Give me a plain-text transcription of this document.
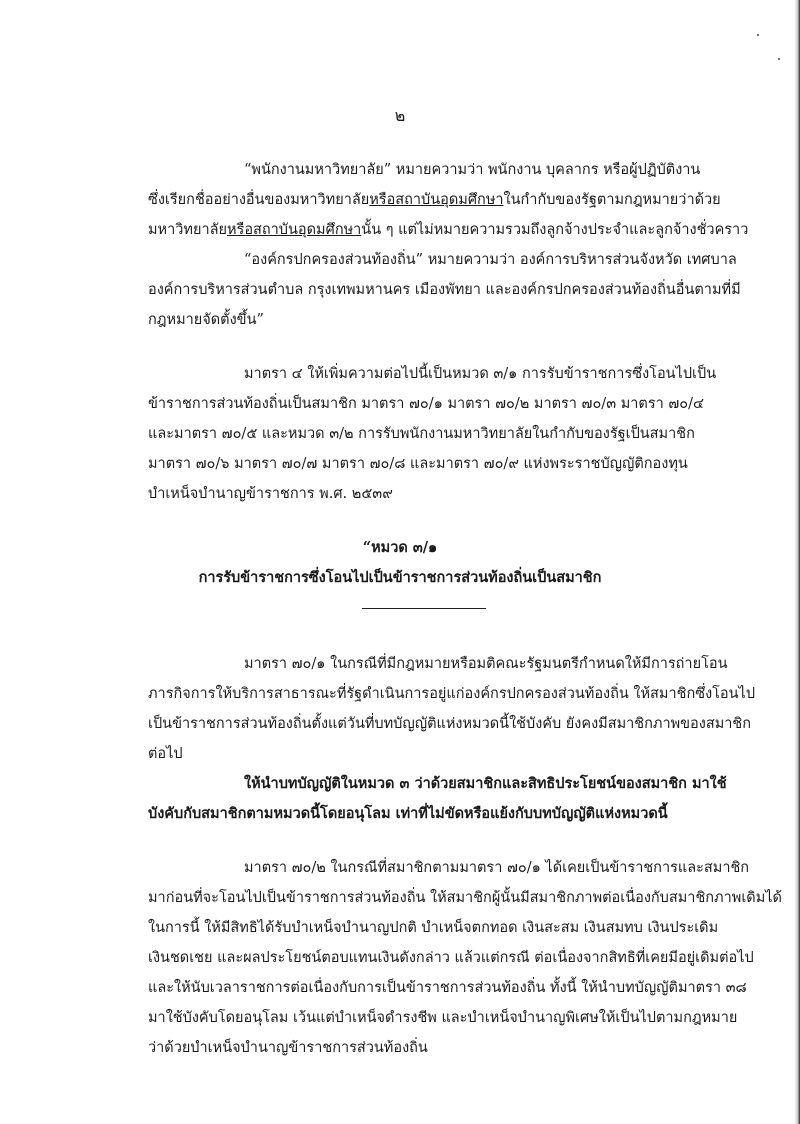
๒
“พนักงานมหาวิทยาลัย” หมายความว่า พนักงาน บุคลากร หรือผู้ปฏิบัติงาน
ซึ่งเรียกชื่ออย่างอื่นของมหาวิทยาลัยหรือสถาบันอุดมศึกษาในกำกับของรัฐตามกฎหมายว่าด้วย
มหาวิทยาลัยหรือสถาบันอุดมศึกษานั้น ๆ แต่ไม่หมายความรวมถึงลูกจ้างประจำและลูกจ้างชั่วคราว
“องค์กรปกครองส่วนท้องถิ่น” หมายความว่า องค์การบริหารส่วนจังหวัด เทศบาล
องค์การบริหารส่วนตำบล กรุงเทพมหานคร เมืองพัทยา และองค์กรปกครองส่วนท้องถิ่นอื่นตามที่มี
กฎหมายจัดตั้งขึ้น”
มาตรา ๔ ให้เพิ่มความต่อไปนี้เป็นหมวด ๓/๑ การรับข้าราชการซึ่งโอนไปเป็น
ข้าราชการส่วนท้องถิ่นเป็นสมาชิก มาตรา ๗๐/๑ มาตรา ๗๐/๒ มาตรา ๗๐/๓ มาตรา ๗๐/๔
และมาตรา ๗๐/๕ และหมวด ๓/๒ การรับพนักงานมหาวิทยาลัยในกำกับของรัฐเป็นสมาชิก
มาตรา ๗๐/๖ มาตรา ๗๐/๗ มาตรา ๗๐/๘ และมาตรา ๗๐/๙ แห่งพระราชบัญญัติกองทุน
บำเหน็จบำนาญข้าราชการ พ.ศ. ๒๕๓๙
“หมวด ๓/๑
การรับข้าราชการซึ่งโอนไปเป็นข้าราชการส่วนท้องถิ่นเป็นสมาชิก
มาตรา ๗๐/๑ ในกรณีที่มีกฎหมายหรือมติคณะรัฐมนตรีกำหนดให้มีการถ่ายโอน
ภารกิจการให้บริการสาธารณะที่รัฐดำเนินการอยู่แก่องค์กรปกครองส่วนท้องถิ่น ให้สมาชิกซึ่งโอนไป
เป็นข้าราชการส่วนท้องถิ่นตั้งแต่วันที่บทบัญญัติแห่งหมวดนี้ใช้บังคับ ยังคงมีสมาชิกภาพของสมาชิก
ต่อไป
ให้นำบทบัญญัติในหมวด ๓ ว่าด้วยสมาชิกและสิทธิประโยชน์ของสมาชิก มาใช้
บังคับกับสมาชิกตามหมวดนี้โดยอนุโลม เท่าที่ไม่ขัดหรือแย้งกับบทบัญญัติแห่งหมวดนี้
มาตรา ๗๐/๒ ในกรณีที่สมาชิกตามมาตรา ๗๐/๑ ได้เคยเป็นข้าราชการและสมาชิก
มาก่อนที่จะโอนไปเป็นข้าราชการส่วนท้องถิ่น ให้สมาชิกผู้นั้นมีสมาชิกภาพต่อเนื่องกับสมาชิกภาพเดิมได้
ในการนี้ ให้มีสิทธิได้รับบำเหน็จบำนาญปกติ บำเหน็จตกทอด เงินสะสม เงินสมทบ เงินประเดิม
เงินชดเชย และผลประโยชน์ตอบแทนเงินดังกล่าว แล้วแต่กรณี ต่อเนื่องจากสิทธิที่เคยมีอยู่เดิมต่อไป
และให้นับเวลาราชการต่อเนื่องกับการเป็นข้าราชการส่วนท้องถิ่น ทั้งนี้ ให้นำบทบัญญัติมาตรา ๓๘
มาใช้บังคับโดยอนุโลม เว้นแต่บำเหน็จดำรงชีพ และบำเหน็จบำนาญพิเศษให้เป็นไปตามกฎหมาย
ว่าด้วยบำเหน็จบำนาญข้าราชการส่วนท้องถิ่น
